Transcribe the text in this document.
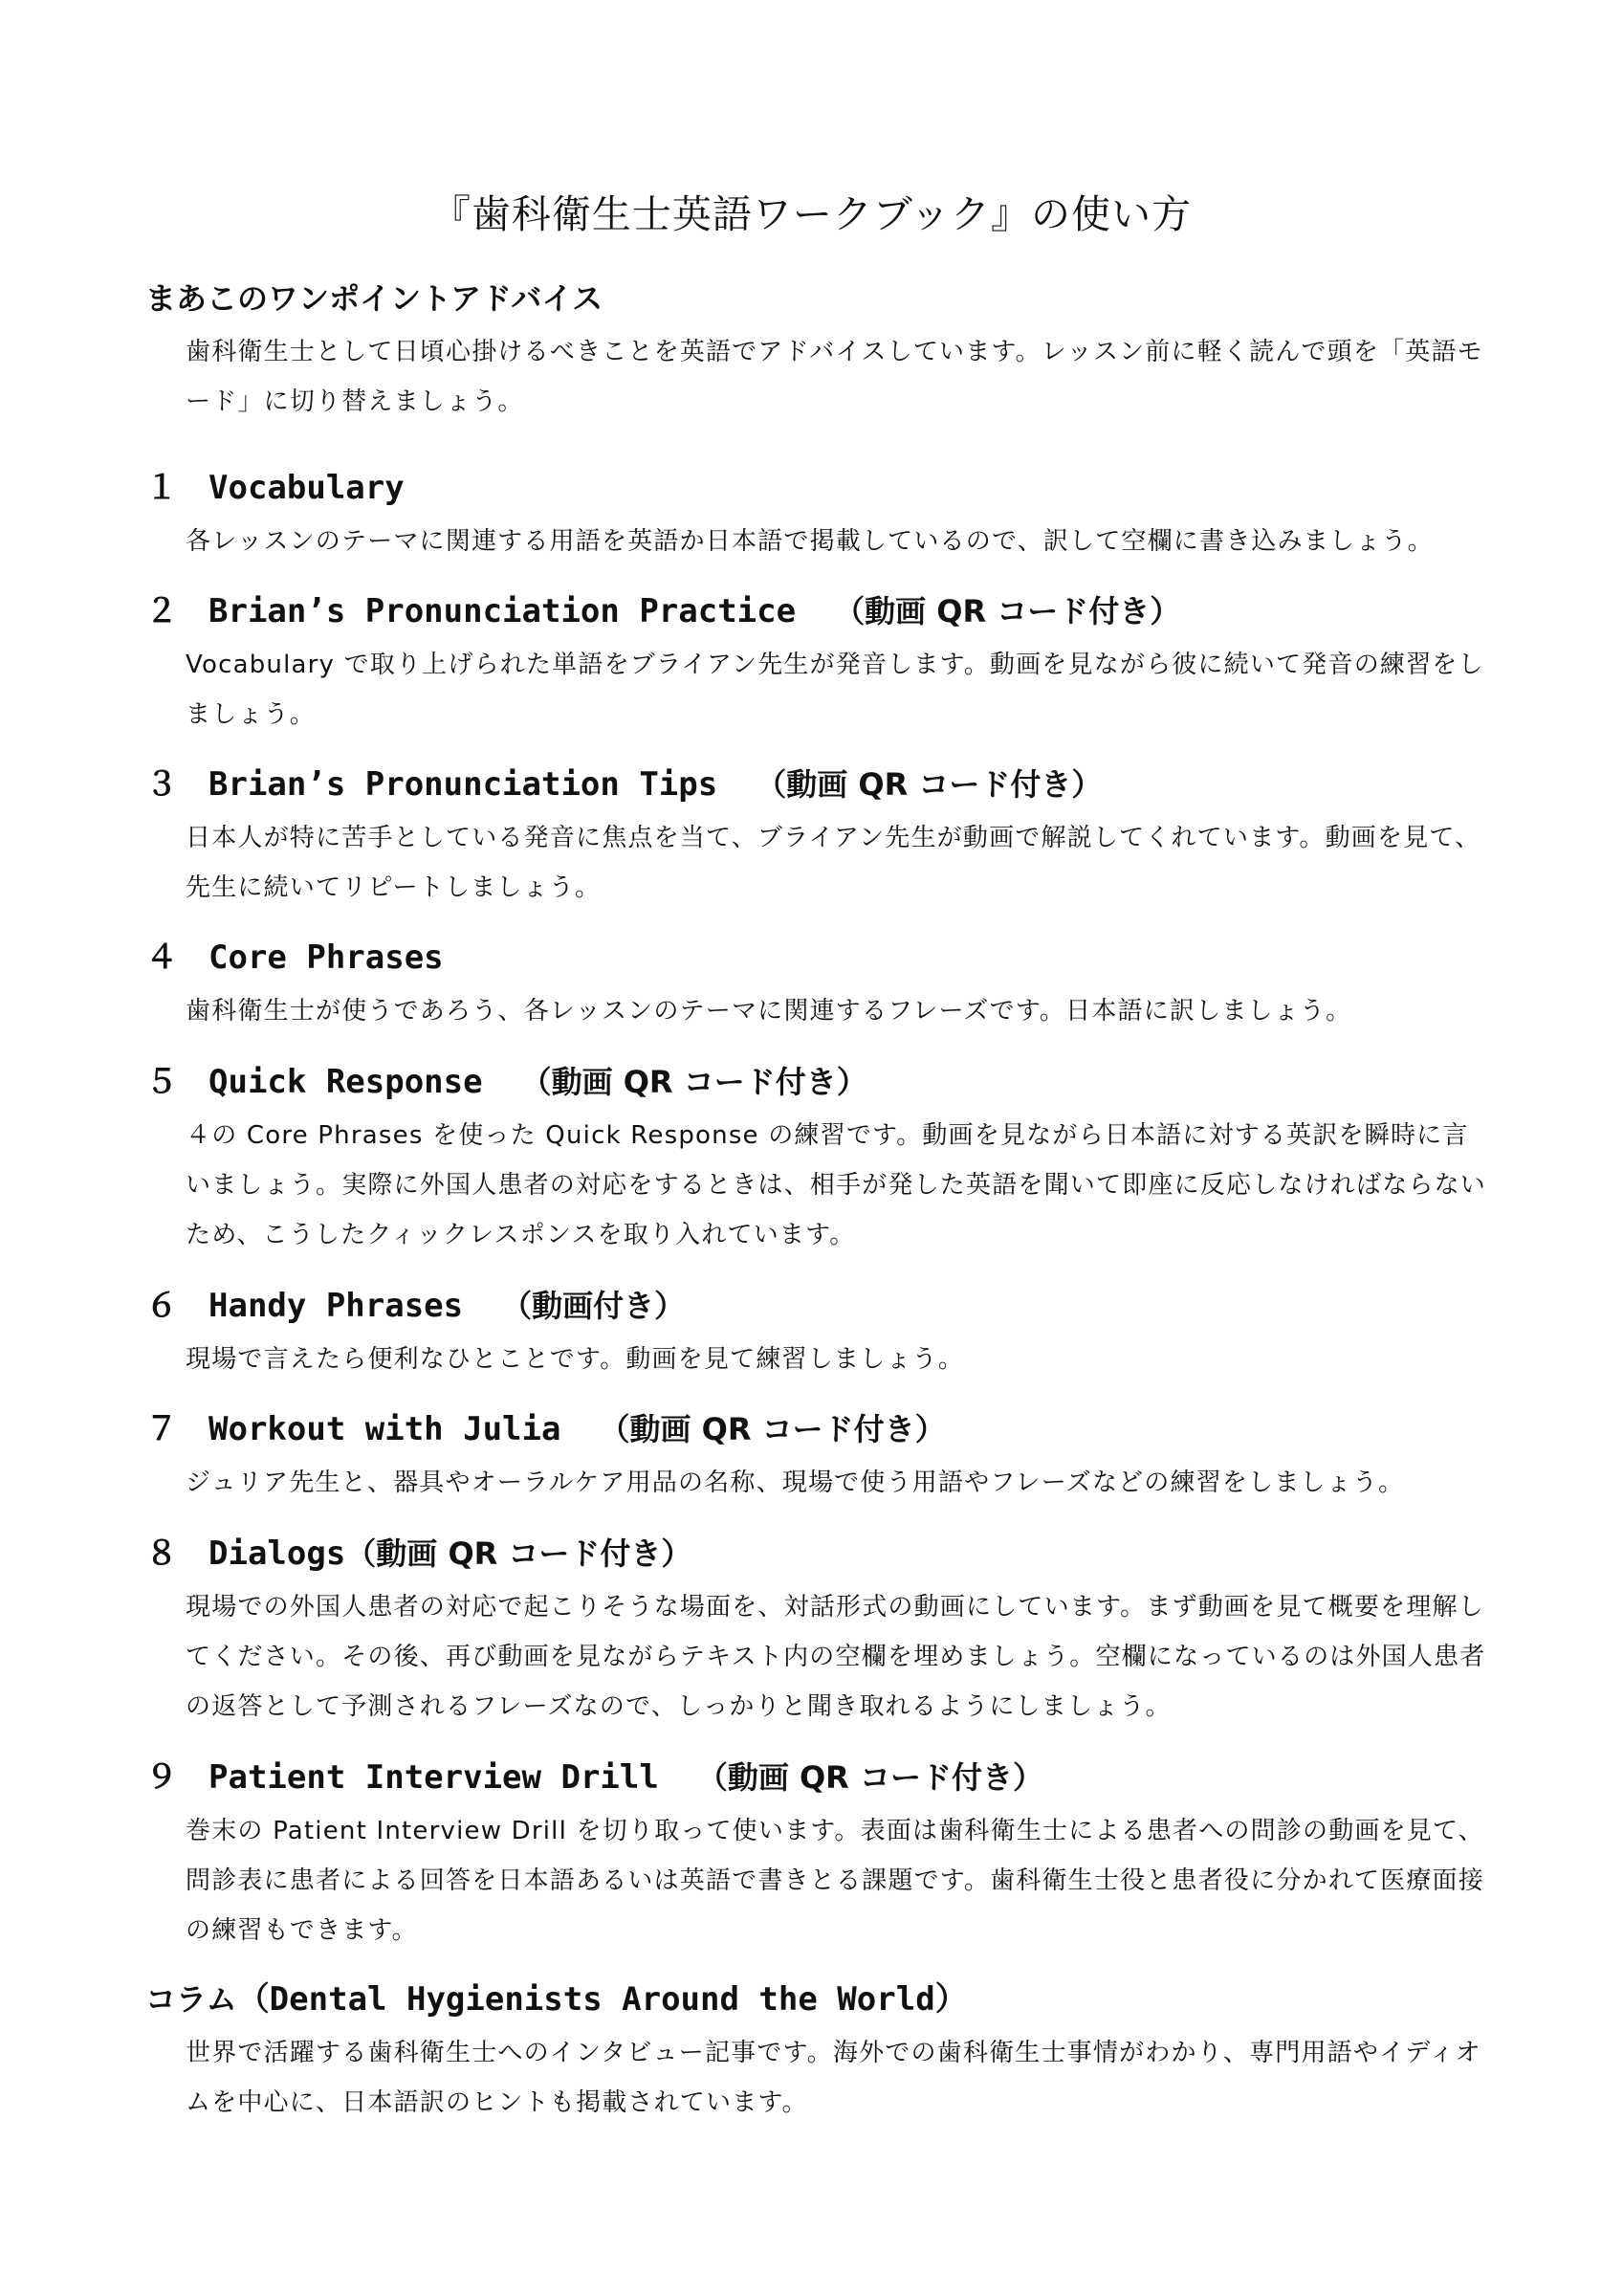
『歯科衛生士英語ワークブック』の使い方
まあこのワンポイントアドバイス
歯科衛生士として日頃心掛けるべきことを英語でアドバイスしています。レッスン前に軽く読んで頭を「英語モード」に切り替えましょう。
１ Vocabulary
各レッスンのテーマに関連する用語を英語か日本語で掲載しているので、訳して空欄に書き込みましょう。
２ Brian’s Pronunciation Practice （動画 QR コード付き）
Vocabulary で取り上げられた単語をブライアン先生が発音します。動画を見ながら彼に続いて発音の練習をしましょう。
３ Brian’s Pronunciation Tips （動画 QR コード付き）
日本人が特に苦手としている発音に焦点を当て、ブライアン先生が動画で解説してくれています。動画を見て、先生に続いてリピートしましょう。
４ Core Phrases
歯科衛生士が使うであろう、各レッスンのテーマに関連するフレーズです。日本語に訳しましょう。
５ Quick Response （動画 QR コード付き）
４の Core Phrases を使った Quick Response の練習です。動画を見ながら日本語に対する英訳を瞬時に言いましょう。実際に外国人患者の対応をするときは、相手が発した英語を聞いて即座に反応しなければならないため、こうしたクィックレスポンスを取り入れています。
６ Handy Phrases （動画付き）
現場で言えたら便利なひとことです。動画を見て練習しましょう。
７ Workout with Julia （動画 QR コード付き）
ジュリア先生と、器具やオーラルケア用品の名称、現場で使う用語やフレーズなどの練習をしましょう。
８ Dialogs（動画 QR コード付き）
現場での外国人患者の対応で起こりそうな場面を、対話形式の動画にしています。まず動画を見て概要を理解してください。その後、再び動画を見ながらテキスト内の空欄を埋めましょう。空欄になっているのは外国人患者の返答として予測されるフレーズなので、しっかりと聞き取れるようにしましょう。
９ Patient Interview Drill （動画 QR コード付き）
巻末の Patient Interview Drill を切り取って使います。表面は歯科衛生士による患者への問診の動画を見て、問診表に患者による回答を日本語あるいは英語で書きとる課題です。歯科衛生士役と患者役に分かれて医療面接の練習もできます。
コラム（Dental Hygienists Around the World）
世界で活躍する歯科衛生士へのインタビュー記事です。海外での歯科衛生士事情がわかり、専門用語やイディオムを中心に、日本語訳のヒントも掲載されています。
